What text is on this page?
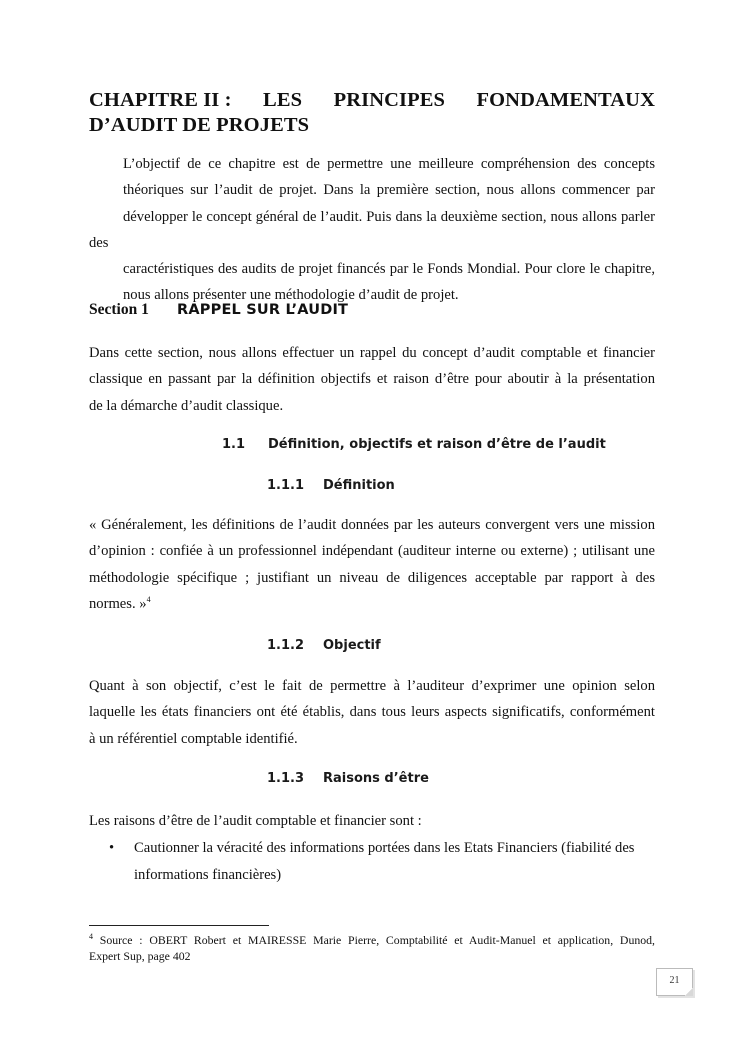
CHAPITRE II : LES PRINCIPES FONDAMENTAUX
D’AUDIT DE PROJETS
L’objectif de ce chapitre est de permettre une meilleure compréhension des concepts
théoriques sur l’audit de projet. Dans la première section, nous allons commencer par
développer le concept général de l’audit. Puis dans la deuxième section, nous allons parler des
caractéristiques des audits de projet financés par le Fonds Mondial. Pour clore le chapitre,
nous allons présenter une méthodologie d’audit de projet.
Section 1 RAPPEL SUR L’AUDIT
Dans cette section, nous allons effectuer un rappel du concept d’audit comptable et financier
classique en passant par la définition objectifs et raison d’être pour aboutir à la présentation
de la démarche d’audit classique.
1.1 Définition, objectifs et raison d’être de l’audit
1.1.1 Définition
« Généralement, les définitions de l’audit données par les auteurs convergent vers une mission
d’opinion : confiée à un professionnel indépendant (auditeur interne ou externe) ; utilisant une
méthodologie spécifique ; justifiant un niveau de diligences acceptable par rapport à des
normes. »$^4$
1.1.2 Objectif
Quant à son objectif, c’est le fait de permettre à l’auditeur d’exprimer une opinion selon
laquelle les états financiers ont été établis, dans tous leurs aspects significatifs, conformément
à un référentiel comptable identifié.
1.1.3 Raisons d’être
Les raisons d’être de l’audit comptable et financier sont :
• Cautionner la véracité des informations portées dans les Etats Financiers (fiabilité des
informations financières)
$^4$ Source : OBERT Robert et MAIRESSE Marie Pierre, Comptabilité et Audit-Manuel et application, Dunod,
Expert Sup, page 402
21
